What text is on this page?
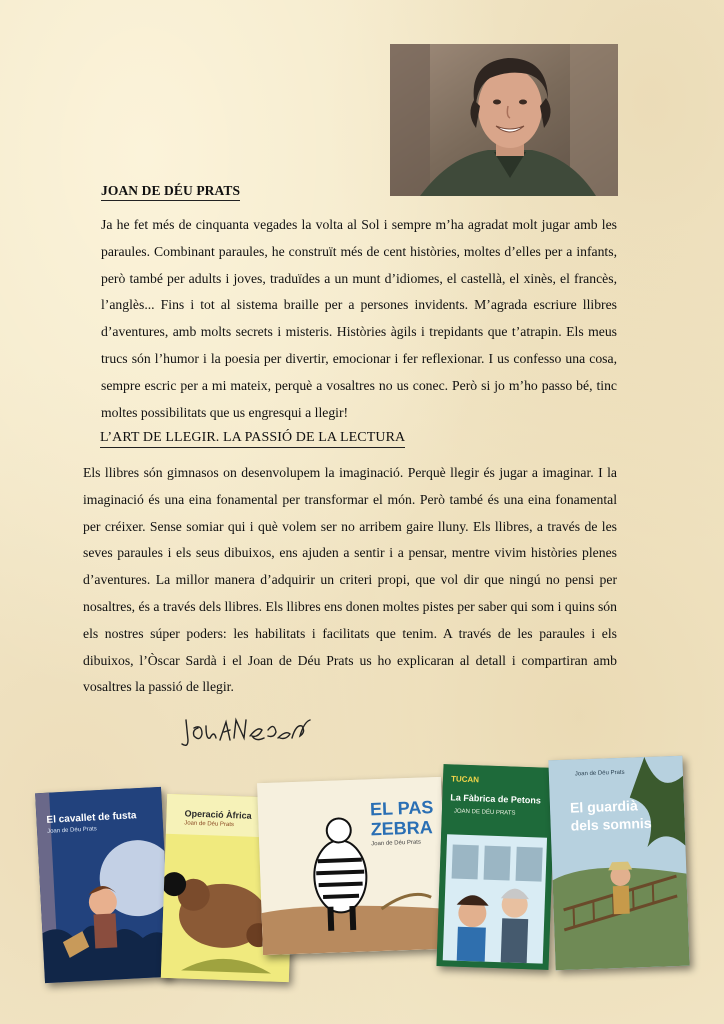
JOAN DE DÉU PRATS
Ja he fet més de cinquanta vegades la volta al Sol i sempre m’ha agradat molt jugar amb les paraules. Combinant paraules, he construït més de cent històries, moltes d’elles per a infants, però també per adults i joves, traduïdes a un munt d’idiomes, el castellà, el xinès, el francès, l’anglès... Fins i tot al sistema braille per a persones invidents. M’agrada escriure llibres d’aventures, amb molts secrets i misteris. Històries àgils i trepidants que t’atrapin. Els meus trucs són l’humor i la poesia per divertir, emocionar i fer reflexionar. I us confesso una cosa, sempre escric per a mi mateix, perquè a vosaltres no us conec. Però si jo m’ho passo bé, tinc moltes possibilitats que us engresqui a llegir!
L’ART DE LLEGIR. LA PASSIÓ DE LA LECTURA
Els llibres són gimnasos on desenvolupem la imaginació. Perquè llegir és jugar a imaginar. I la imaginació és una eina fonamental per transformar el món. Però també és una eina fonamental per créixer. Sense somiar qui i què volem ser no arribem gaire lluny. Els llibres, a través de les seves paraules i els seus dibuixos, ens ajuden a sentir i a pensar, mentre vivim històries plenes d’aventures. La millor manera d’adquirir un criteri propi, que vol dir que ningú no pensi per nosaltres, és a través dels llibres. Els llibres ens donen moltes pistes per saber qui som i quins són els nostres súper poders: les habilitats i facilitats que tenim. A través de les paraules i els dibuixos, l’Òscar Sardà i el Joan de Déu Prats us ho explicaran al detall i compartiran amb vosaltres la passió de llegir.
El cavallet de fusta
Joan de Déu Prats
Operació Àfrica
Joan de Déu Prats
EL PAS
ZEBRA
Joan de Déu Prats
TUCAN
La Fàbrica de Petons
JOAN DE DÉU PRATS
Joan de Déu Prats
El guardià
dels somnis
